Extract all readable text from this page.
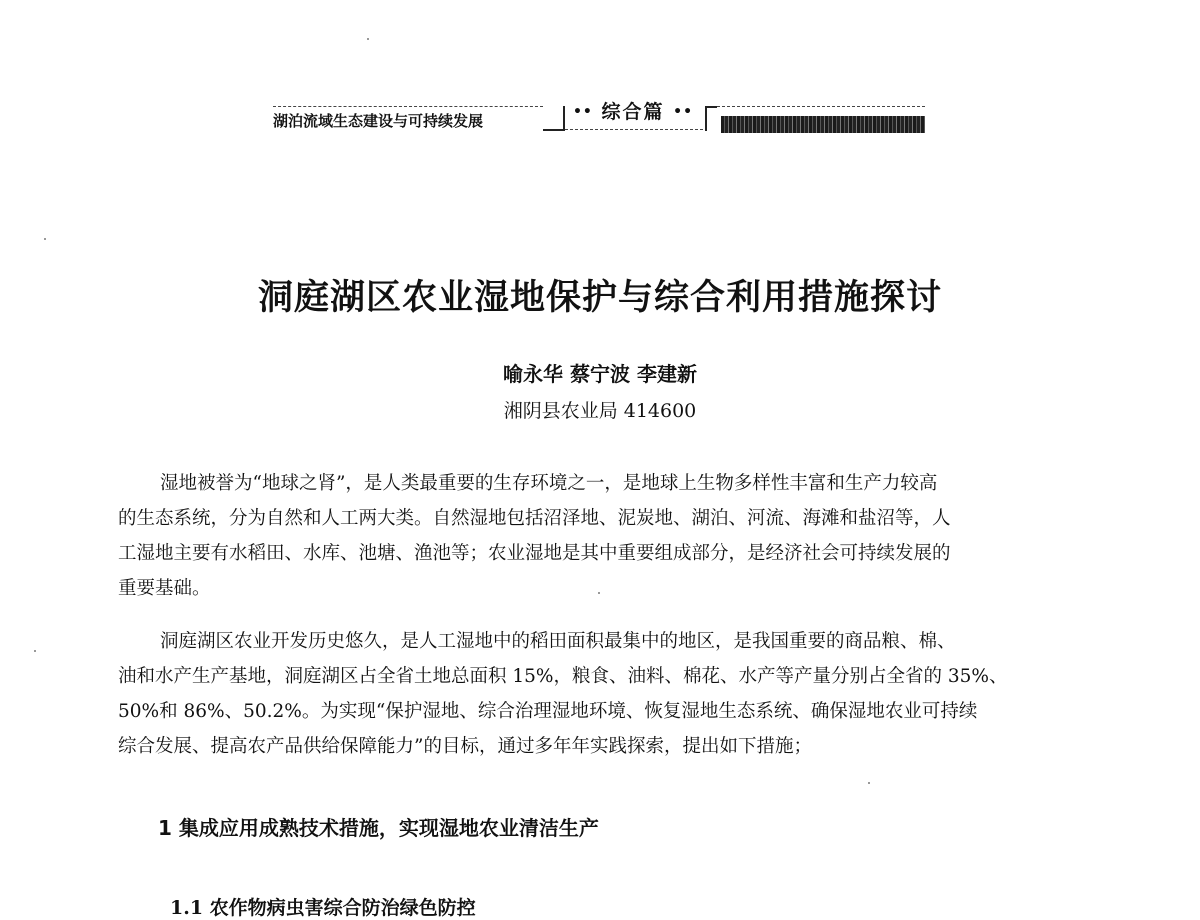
湖泊流域生态建设与可持续发展	•• 综合篇 ••
洞庭湖区农业湿地保护与综合利用措施探讨
喻永华 蔡宁波 李建新
湘阴县农业局 414600
湿地被誉为“地球之肾”，是人类最重要的生存环境之一，是地球上生物多样性丰富和生产力较高
的生态系统，分为自然和人工两大类。自然湿地包括沼泽地、泥炭地、湖泊、河流、海滩和盐沼等，人
工湿地主要有水稻田、水库、池塘、渔池等；农业湿地是其中重要组成部分，是经济社会可持续发展的
重要基础。
洞庭湖区农业开发历史悠久，是人工湿地中的稻田面积最集中的地区，是我国重要的商品粮、棉、
油和水产生产基地，洞庭湖区占全省土地总面积 15%，粮食、油料、棉花、水产等产量分别占全省的 35%、
50%和 86%、50.2%。为实现“保护湿地、综合治理湿地环境、恢复湿地生态系统、确保湿地农业可持续
综合发展、提高农产品供给保障能力”的目标，通过多年年实践探索，提出如下措施；
1 集成应用成熟技术措施，实现湿地农业清洁生产
1.1 农作物病虫害综合防治绿色防控
